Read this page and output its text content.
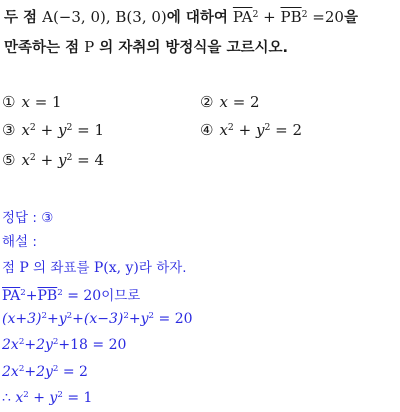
두 점 A(−3, 0), B(3, 0)에 대하여 $\overline{PA}^2 + \overline{PB}^2 =20$을
만족하는 점 P 의 자취의 방정식을 고르시오.
① x = 1	② x = 2
③ $x^2 + y^2 = 1$	④ $x^2 + y^2 = 2$
⑤ $x^2 + y^2 = 4$
정답 : ③
해설 :
점 P 의 좌표를 P(x, y)라 하자.
$\overline{PA}^2+\overline{PB}^2 = 20$이므로
$(x+3)^2+y^2+(x-3)^2+y^2 = 20$
$2x^2+2y^2+18 = 20$
$2x^2+2y^2 = 2$
∴ $x^2 + y^2 = 1$
